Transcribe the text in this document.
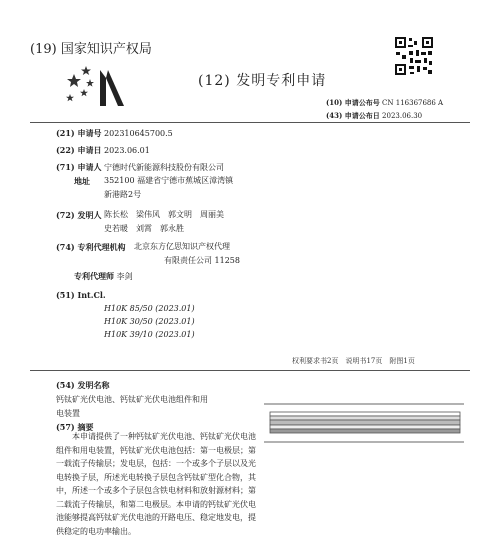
(19) 国家知识产权局
(12) 发明专利申请
(10) 申请公布号 CN 116367686 A
(43) 申请公布日 2023.06.30
(21) 申请号 202310645700.5
(22) 申请日 2023.06.01
(71) 申请人 宁德时代新能源科技股份有限公司
地址 352100 福建省宁德市蕉城区漳湾镇
新港路2号
(72) 发明人 陈长松　梁伟风　郭文明　周丽美
史若暖　刘霄　郭永胜
(74) 专利代理机构 北京东方亿思知识产权代理
有限责任公司 11258
专利代理师 李剑
(51) Int.Cl.
H10K 85/50 (2023.01)
H10K 30/50 (2023.01)
H10K 39/10 (2023.01)
权利要求书2页　说明书17页　附图1页
(54) 发明名称
钙钛矿光伏电池、钙钛矿光伏电池组件和用
电装置
(57) 摘要
本申请提供了一种钙钛矿光伏电池、钙钛矿光伏电池组件和用电装置，钙钛矿光伏电池包括：第一电极层；第一载流子传输层；发电层，包括：一个或多个子层以及光电转换子层，所述光电转换子层包含钙钛矿型化合物，其中，所述一个或多个子层包含铁电材料和放射源材料；第二载流子传输层，和第二电极层。本申请的钙钛矿光伏电池能够提高钙钛矿光伏电池的开路电压、稳定地发电，提供稳定的电功率输出。
